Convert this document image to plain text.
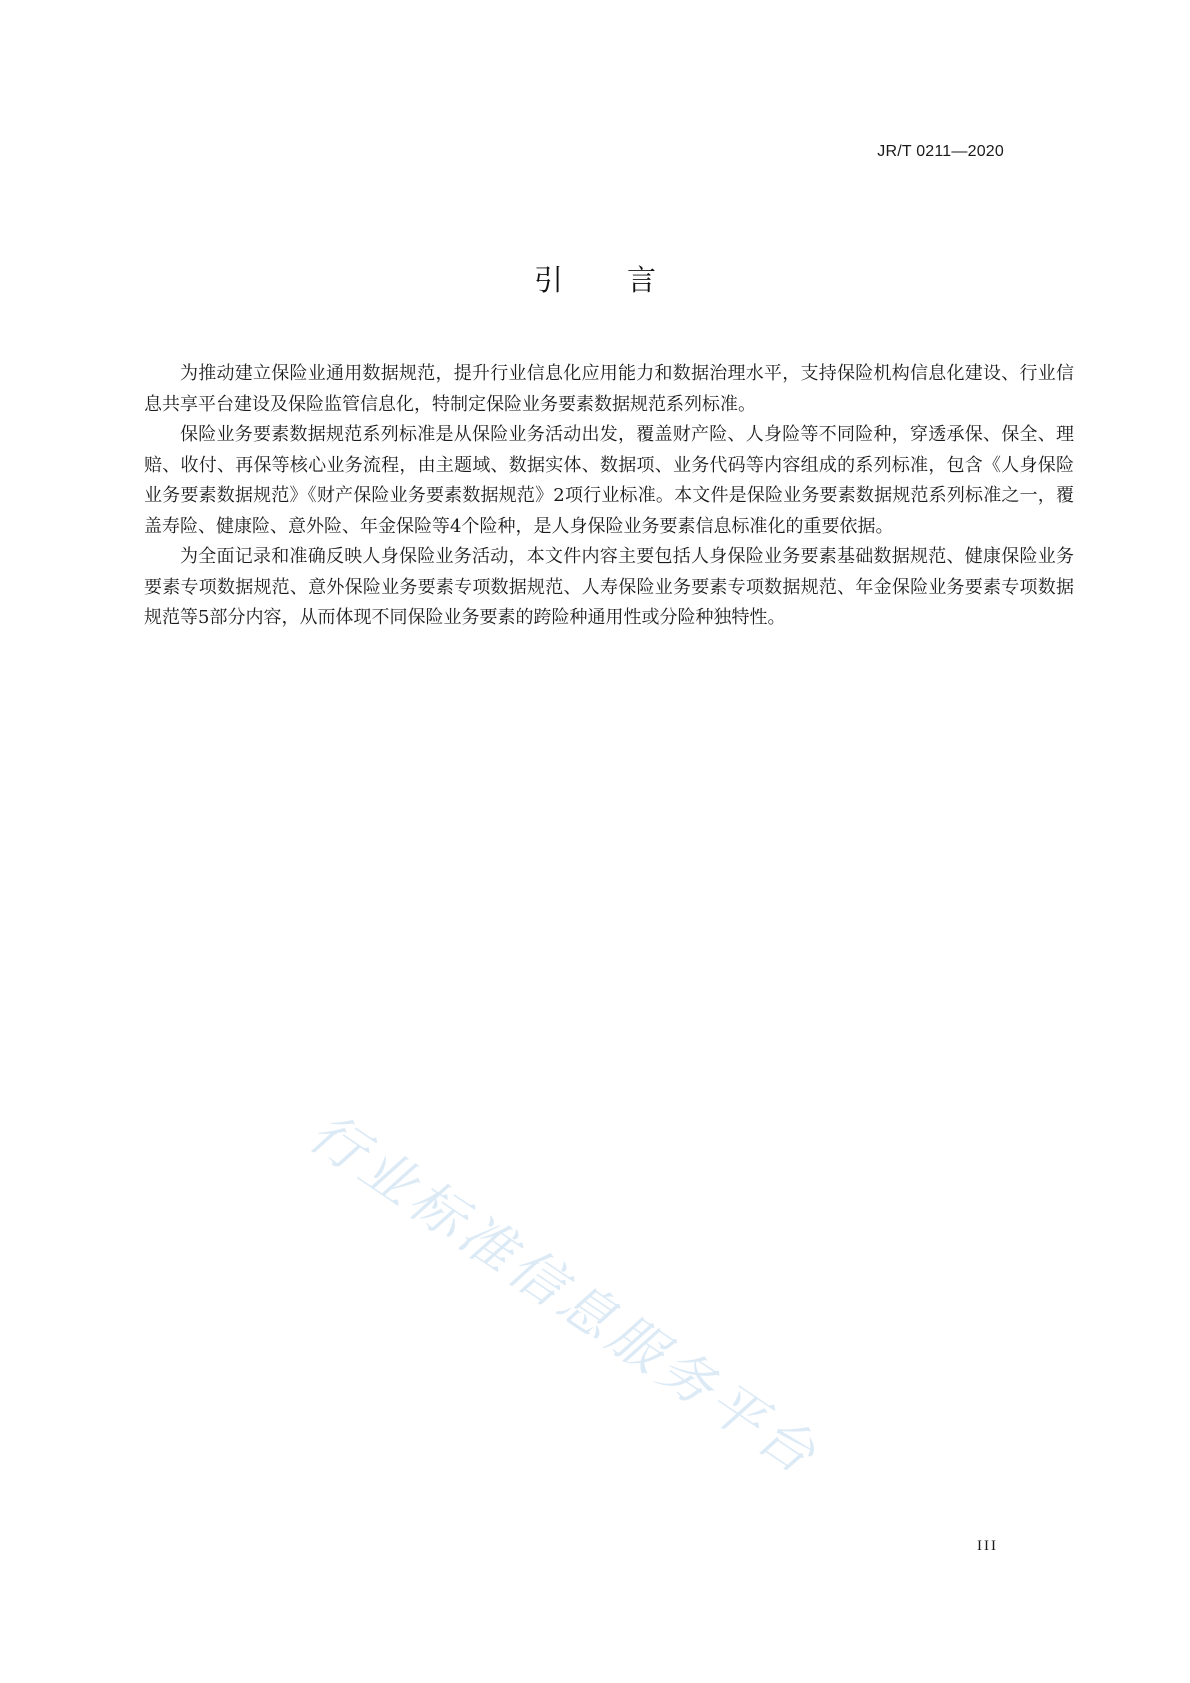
JR/T 0211—2020
引言

为推动建立保险业通用数据规范，提升行业信息化应用能力和数据治理水平，支持保险机构信息化建设、行业信息共享平台建设及保险监管信息化，特制定保险业务要素数据规范系列标准。

保险业务要素数据规范系列标准是从保险业务活动出发，覆盖财产险、人身险等不同险种，穿透承保、保全、理赔、收付、再保等核心业务流程，由主题域、数据实体、数据项、业务代码等内容组成的系列标准，包含《人身保险业务要素数据规范》《财产保险业务要素数据规范》2项行业标准。本文件是保险业务要素数据规范系列标准之一，覆盖寿险、健康险、意外险、年金保险等4个险种，是人身保险业务要素信息标准化的重要依据。

为全面记录和准确反映人身保险业务活动，本文件内容主要包括人身保险业务要素基础数据规范、健康保险业务要素专项数据规范、意外保险业务要素专项数据规范、人寿保险业务要素专项数据规范、年金保险业务要素专项数据规范等5部分内容，从而体现不同保险业务要素的跨险种通用性或分险种独特性。

行业标准信息服务平台
III
